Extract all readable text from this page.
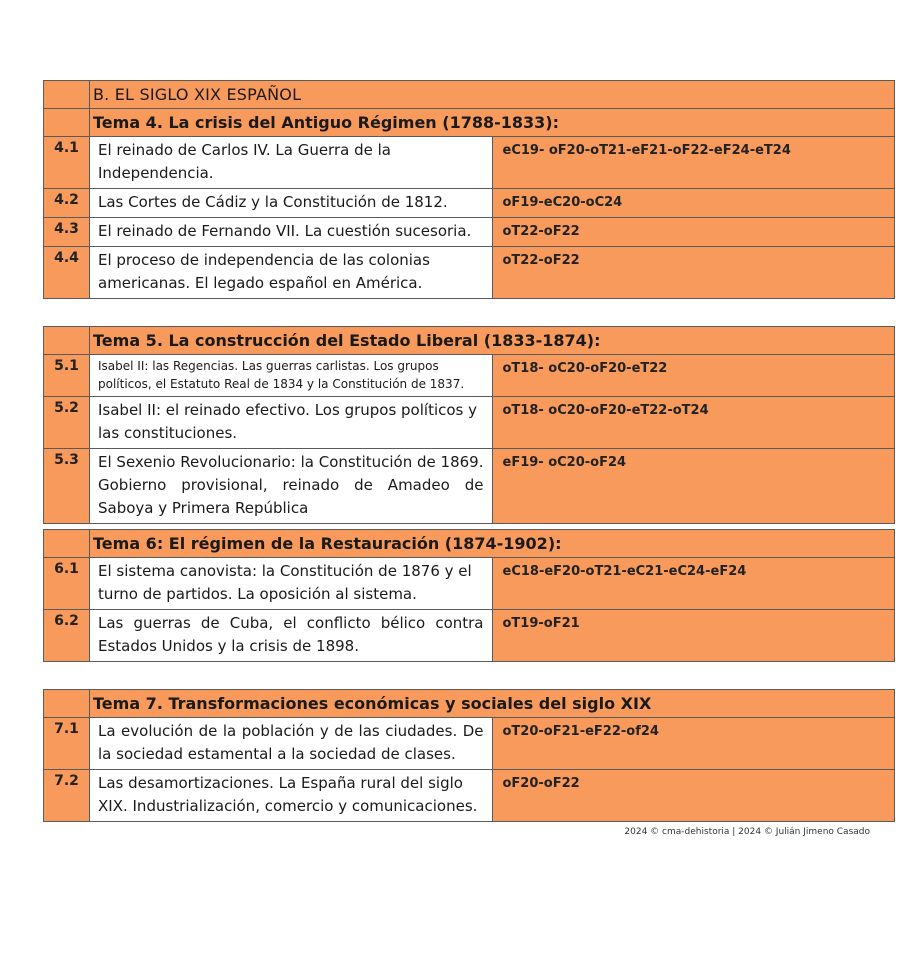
	B. EL SIGLO XIX ESPAÑOL	
	Tema 4. La crisis del Antiguo Régimen (1788-1833):	
4.1	El reinado de Carlos IV. La Guerra de la Independencia.	eC19- oF20-oT21-eF21-oF22-eF24-eT24
4.2	Las Cortes de Cádiz y la Constitución de 1812.	oF19-eC20-oC24
4.3	El reinado de Fernando VII. La cuestión sucesoria.	oT22-oF22
4.4	El proceso de independencia de las colonias americanas. El legado español en América.	oT22-oF22
	Tema 5. La construcción del Estado Liberal (1833-1874):	
5.1	Isabel II: las Regencias. Las guerras carlistas. Los grupos políticos, el Estatuto Real de 1834 y la Constitución de 1837.	oT18- oC20-oF20-eT22
5.2	Isabel II: el reinado efectivo. Los grupos políticos y las constituciones.	oT18- oC20-oF20-eT22-oT24
5.3	El Sexenio Revolucionario: la Constitución de 1869. Gobierno provisional, reinado de Amadeo de Saboya y Primera República	eF19- oC20-oF24
	Tema 6: El régimen de la Restauración (1874-1902):	
6.1	El sistema canovista: la Constitución de 1876 y el turno de partidos. La oposición al sistema.	eC18-eF20-oT21-eC21-eC24-eF24
6.2	Las guerras de Cuba, el conflicto bélico contra Estados Unidos y la crisis de 1898.	oT19-oF21
	Tema 7. Transformaciones económicas y sociales del siglo XIX	
7.1	La evolución de la población y de las ciudades. De la sociedad estamental a la sociedad de clases.	oT20-oF21-eF22-of24
7.2	Las desamortizaciones. La España rural del siglo XIX. Industrialización, comercio y comunicaciones.	oF20-oF22
2024 © cma-dehistoria | 2024 © Julián Jimeno Casado
